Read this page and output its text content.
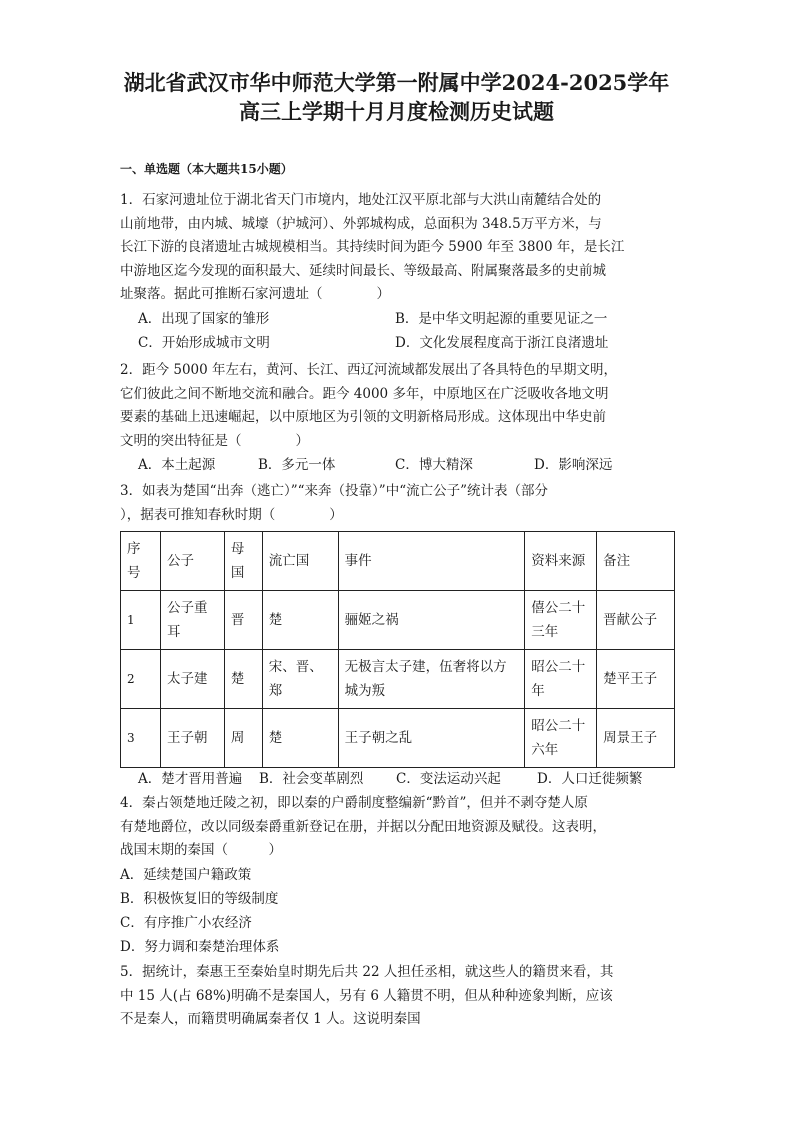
湖北省武汉市华中师范大学第一附属中学2024-2025学年
高三上学期十月月度检测历史试题
一、单选题（本大题共15小题）

1．石家河遗址位于湖北省天门市境内，地处江汉平原北部与大洪山南麓结合处的

山前地带，由内城、城壕（护城河）、外郭城构成，总面积为 348.5万平方米，与

长江下游的良渚遗址古城规模相当。其持续时间为距今 5900 年至 3800 年，是长江

中游地区迄今发现的面积最大、延续时间最长、等级最高、附属聚落最多的史前城

址聚落。据此可推断石家河遗址（　　　　）

A．出现了国家的雏形	B．是中华文明起源的重要见证之一
C．开始形成城市文明	D．文化发展程度高于浙江良渚遗址

2．距今 5000 年左右，黄河、长江、西辽河流域都发展出了各具特色的早期文明，

它们彼此之间不断地交流和融合。距今 4000 多年，中原地区在广泛吸收各地文明

要素的基础上迅速崛起，以中原地区为引领的文明新格局形成。这体现出中华史前

文明的突出特征是（　　　　）

A．本土起源	B．多元一体	C．博大精深	D．影响深远

3．如表为楚国“出奔（逃亡）”“来奔（投靠）”中“流亡公子”统计表（部分

），据表可推知春秋时期（　　　　）

序号	公子	母国	流亡国	事件	资料来源	备注
1	公子重耳	晋	楚	骊姬之祸	僖公二十三年	晋献公子
2	太子建	楚	宋、晋、郑	无极言太子建，伍奢将以方城为叛	昭公二十年	楚平王子
3	王子朝	周	楚	王子朝之乱	昭公二十六年	周景王子
A．楚才晋用普遍	B．社会变革剧烈	C．变法运动兴起	D．人口迁徙频繁

4．秦占领楚地迁陵之初，即以秦的户爵制度整编新“黔首”，但并不剥夺楚人原

有楚地爵位，改以同级秦爵重新登记在册，并据以分配田地资源及赋役。这表明，

战国末期的秦国（　　　）

A．延续楚国户籍政策
B．积极恢复旧的等级制度
C．有序推广小农经济
D．努力调和秦楚治理体系

5．据统计，秦惠王至秦始皇时期先后共 22 人担任丞相，就这些人的籍贯来看，其

中 15 人(占 68%)明确不是秦国人，另有 6 人籍贯不明，但从种种迹象判断，应该

不是秦人，而籍贯明确属秦者仅 1 人。这说明秦国
